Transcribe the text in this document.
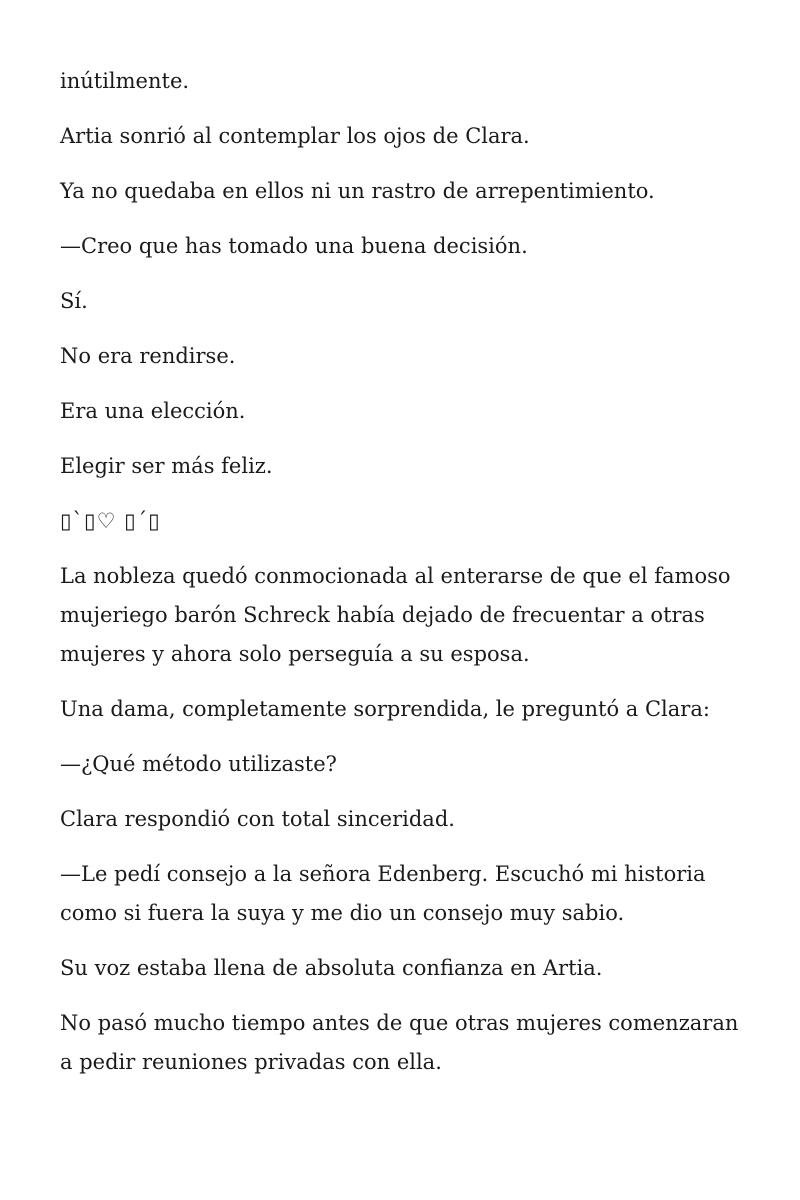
inútilmente.

Artia sonrió al contemplar los ojos de Clara.

Ya no quedaba en ellos ni un rastro de arrepentimiento.

—Creo que has tomado una buena decisión.

Sí.

No era rendirse.

Era una elección.

Elegir ser más feliz.

▯`▯♡ ▯´▯

La nobleza quedó conmocionada al enterarse de que el famoso mujeriego barón Schreck había dejado de frecuentar a otras mujeres y ahora solo perseguía a su esposa.

Una dama, completamente sorprendida, le preguntó a Clara:

—¿Qué método utilizaste?

Clara respondió con total sinceridad.

—Le pedí consejo a la señora Edenberg. Escuchó mi historia como si fuera la suya y me dio un consejo muy sabio.

Su voz estaba llena de absoluta confianza en Artia.

No pasó mucho tiempo antes de que otras mujeres comenzaran a pedir reuniones privadas con ella.
